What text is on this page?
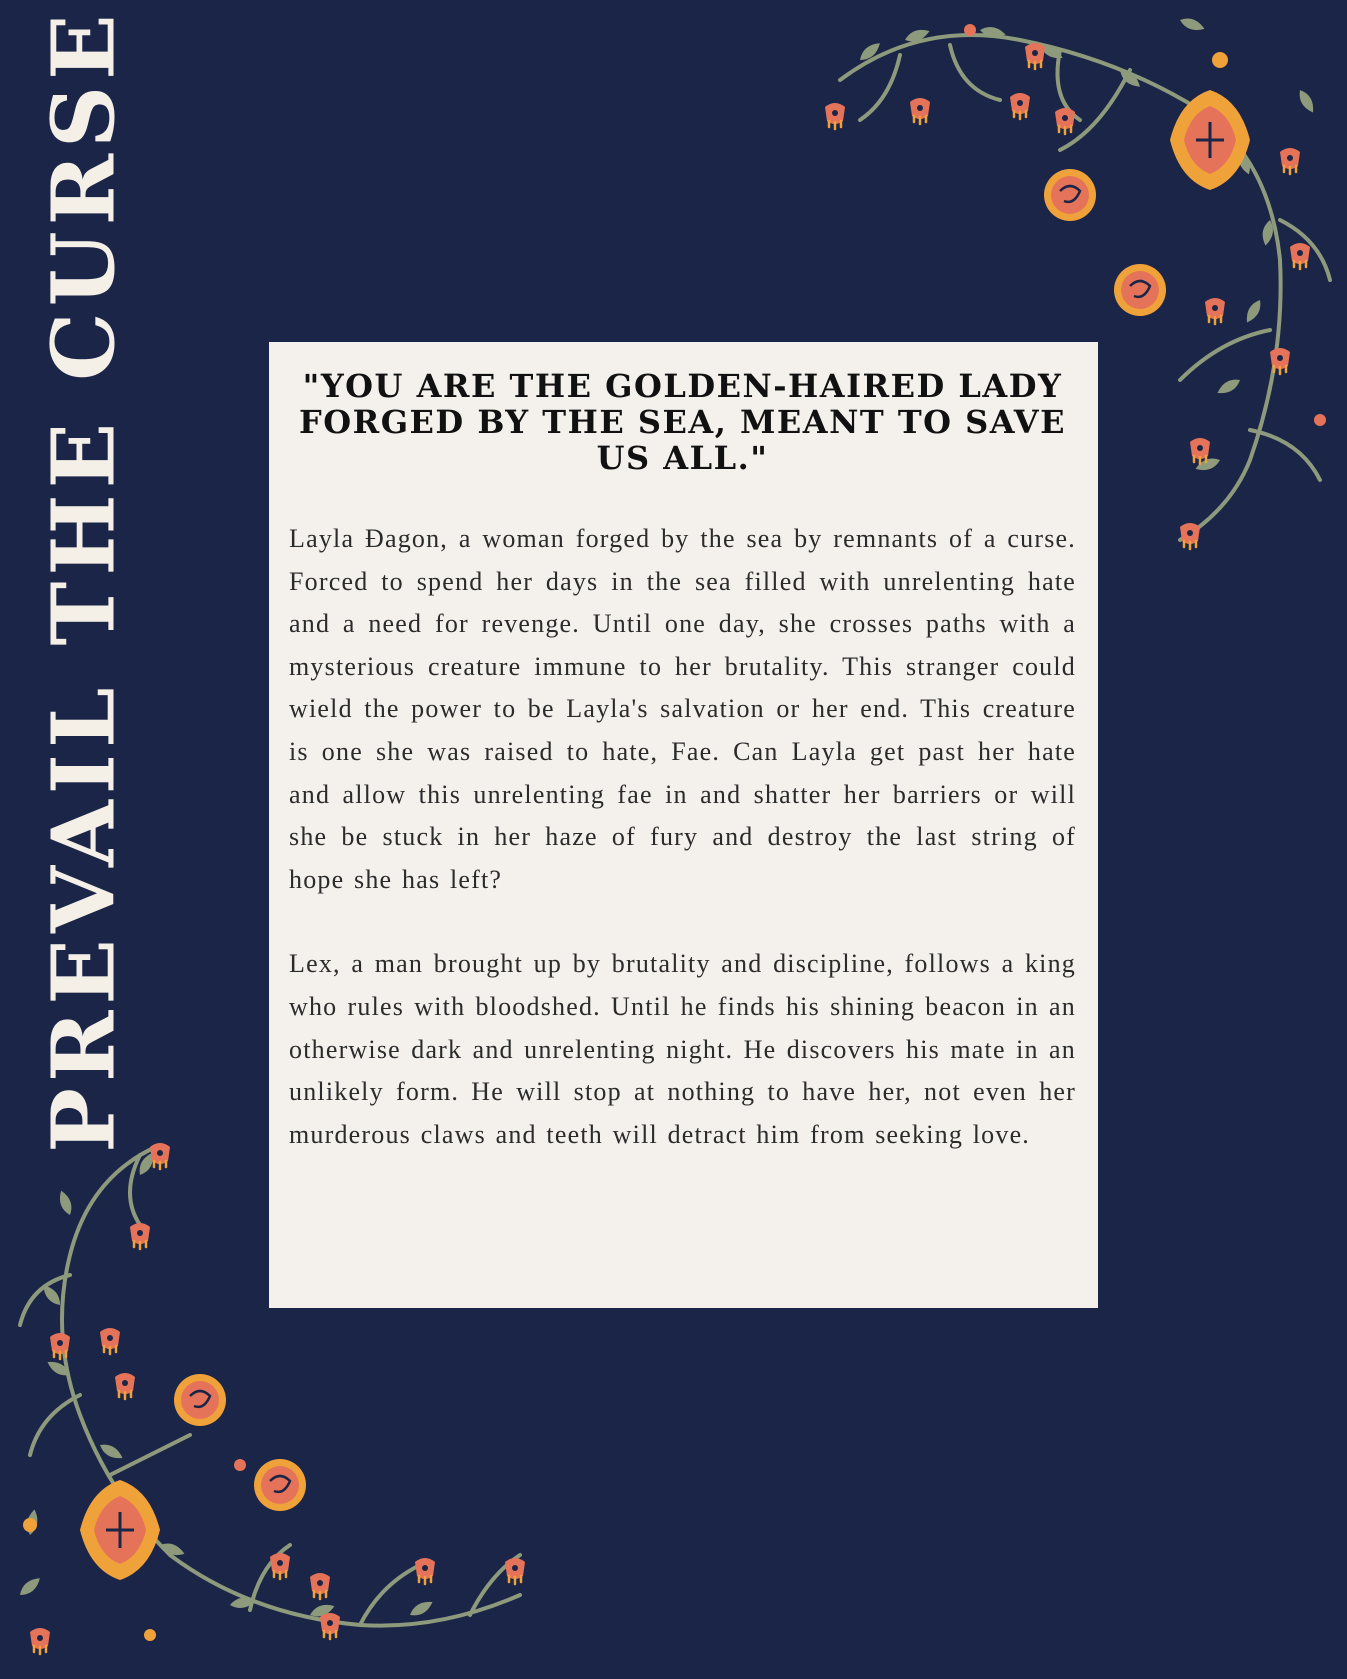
PREVAIL THE CURSE	"YOU ARE THE GOLDEN-HAIRED LADY FORGED BY THE SEA, MEANT TO SAVE US ALL."

Layla Ðagon, a woman forged by the sea by remnants of a curse. Forced to spend her days in the sea filled with unrelenting hate and a need for revenge. Until one day, she crosses paths with a mysterious creature immune to her brutality. This stranger could wield the power to be Layla's salvation or her end. This creature is one she was raised to hate, Fae. Can Layla get past her hate and allow this unrelenting fae in and shatter her barriers or will she be stuck in her haze of fury and destroy the last string of hope she has left?

Lex, a man brought up by brutality and discipline, follows a king who rules with bloodshed. Until he finds his shining beacon in an otherwise dark and unrelenting night. He discovers his mate in an unlikely form. He will stop at nothing to have her, not even her murderous claws and teeth will detract him from seeking love.
